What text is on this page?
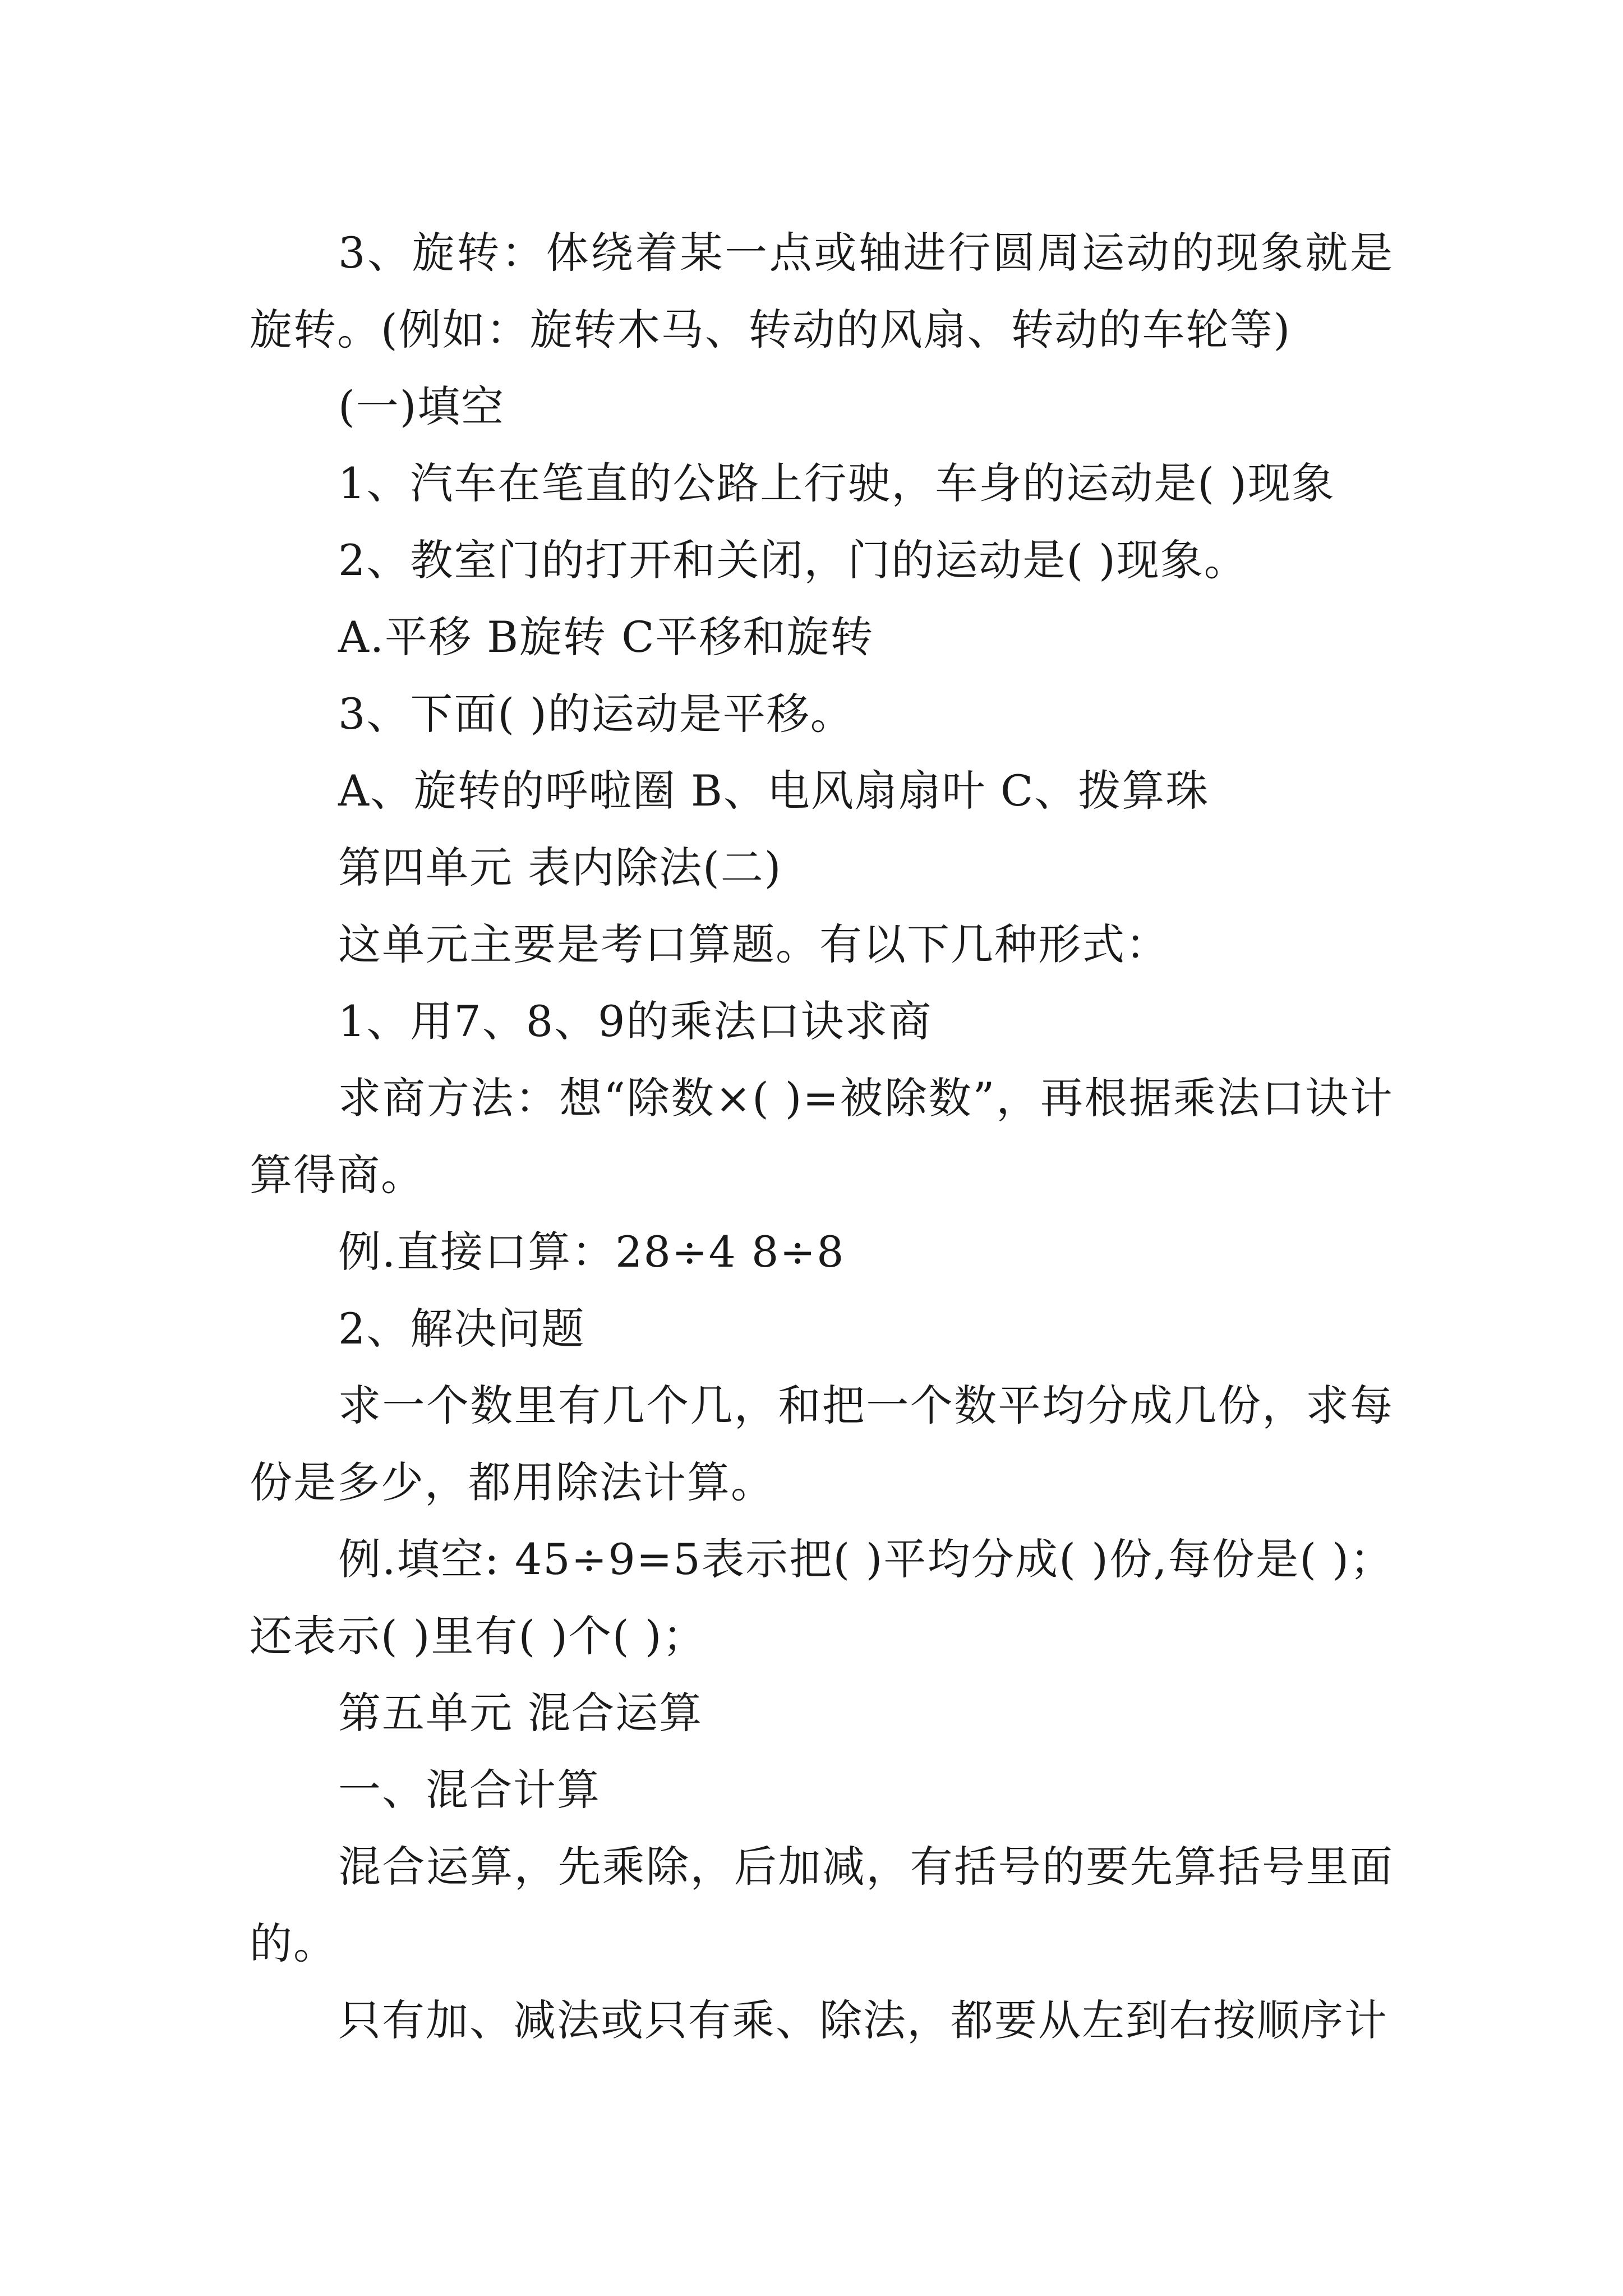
3、旋转：体绕着某一点或轴进行圆周运动的现象就是旋转。(例如：旋转木马、转动的风扇、转动的车轮等)

(一)填空

1、汽车在笔直的公路上行驶，车身的运动是( )现象

2、教室门的打开和关闭，门的运动是( )现象。

A.平移 B旋转 C平移和旋转

3、下面( )的运动是平移。

A、旋转的呼啦圈 B、电风扇扇叶 C、拨算珠

第四单元 表内除法(二)

这单元主要是考口算题。有以下几种形式：

1、用7、8、9的乘法口诀求商

求商方法：想“除数×( )=被除数”，再根据乘法口诀计算得商。

例.直接口算：28÷4 8÷8

2、解决问题

求一个数里有几个几，和把一个数平均分成几份，求每份是多少，都用除法计算。

例.填空: 45÷9=5表示把( )平均分成( )份,每份是( )；还表示( )里有( )个( )；

第五单元 混合运算

一、混合计算

混合运算，先乘除，后加减，有括号的要先算括号里面的。

只有加、减法或只有乘、除法，都要从左到右按顺序计
